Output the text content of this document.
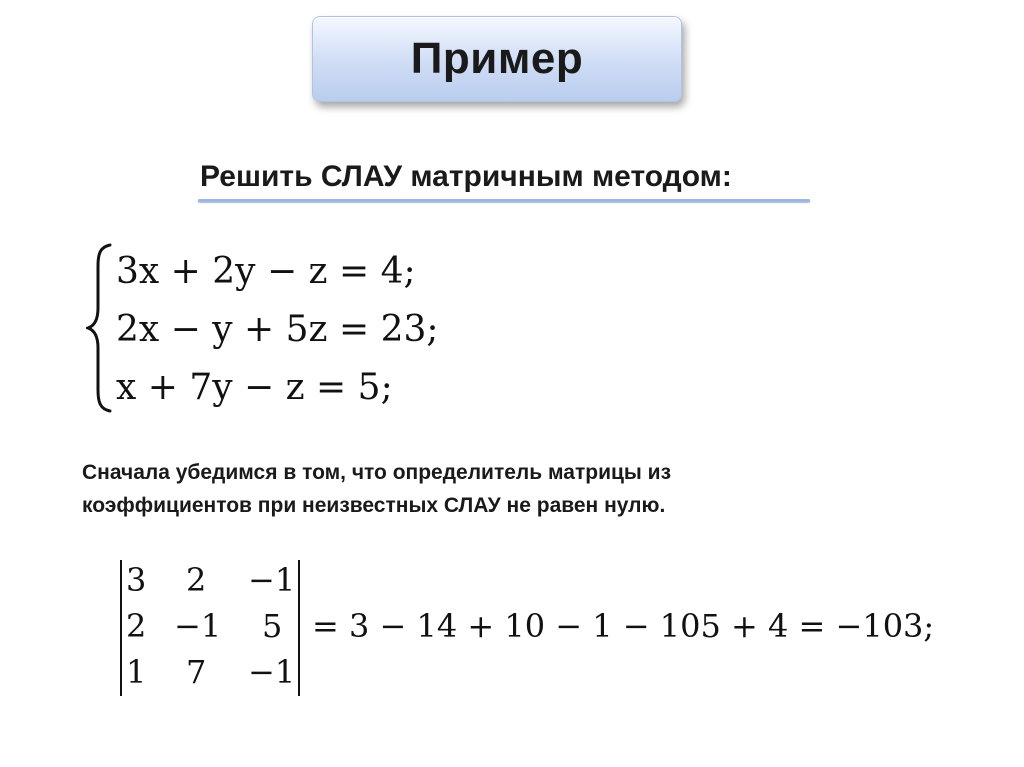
Пример
Решить СЛАУ матричным методом:
3x + 2y − z = 4;
2x − y + 5z = 23;
x + 7y − z = 5;
Сначала убедимся в том, что определитель матрицы из
коэффициентов при неизвестных СЛАУ не равен нулю.
3 2 −1
2 −1 5
1 7 −1
= 3 − 14 + 10 − 1 − 105 + 4 = −103;
